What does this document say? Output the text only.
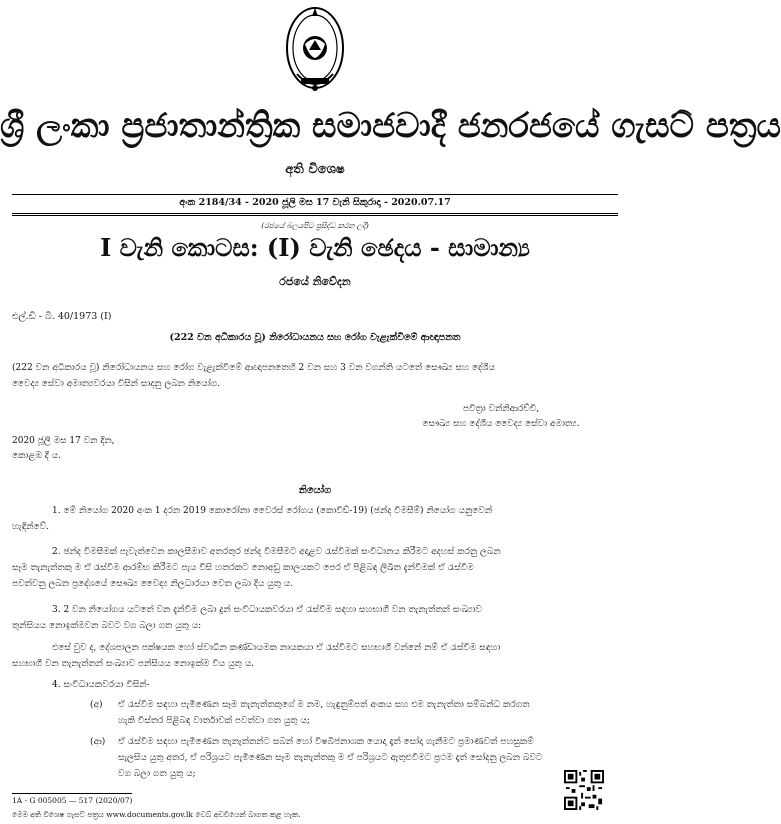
ශ්‍රී ලංකා ප්‍රජාතාන්ත්‍රික සමාජවාදී ජනරජයේ ගැසට් පත්‍රය
අති විශෙෂ
අංක 2184/34 - 2020 ජූලි මස 17 වැනි සිකුරාදා - 2020.07.17
(රජයේ බලයපිට ප්‍රසිද්ධ කරන ලදි)
I වැනි කොටස: (I) වැනි ඡෙදය - සාමාන්‍ය
රජයේ නිවේදන
එල්.ඩී - බී. 40/1973 (I)
(222 වන අධිකාරය වූ) නිරෝධායනය සහ රෝග වැළැක්වීමේ ආඥාපනත
(222 වන අධිකාරය වූ) නිරෝධායනය සහ රෝග වැළැක්වීමේ ආඥාපනතෙහි 2 වන සහ 3 වන වගන්ති යටතේ සෞඛ්‍ය සහ දේශීය
වෛද්‍ය සේවා අමාත්‍යවරයා විසින් සාදනු ලබන නියෝග.
පවිත්‍රා වන්නිආරච්චි,
සෞඛ්‍ය සහ දේශීය වෛද්‍ය සේවා අමාත්‍ය.
2020 ජූලි මස 17 වන දින,
කොළඹ දී ය.
නියෝග
1. මේ නියෝග 2020 අංක 1 දරන 2019 කොරෝනා වෛරස් රෝගය (කොවිඩ්-19) (ඡන්ද විමසීම්) නියෝග යනුවෙන්
හැඳින්වේ.
2. ඡන්ද විමසීමක් පැවැත්වෙන කාලසීමාව අතරතුර ඡන්ද විමසීමට අදාළව රැස්වීමක් සංවිධානය කිරීමට අදහස් කරනු ලබන
සෑම තැනැත්තකු ම ඒ රැස්වීම ආරම්භ කිරීමට පැය විසි හතරකට නොඅඩු කාලයකට පෙර ඒ පිළිබඳ ලිඛිත දැන්වීමක් ඒ රැස්වීම
පවත්වනු ලබන ප්‍රදේශයේ සෞඛ්‍ය වෛද්‍ය නිලධාරයා වෙත ලබා දිය යුතු ය.
3. 2 වන නියෝගය යටතේ වන දැන්වීම ලබා දුන් සංවිධායකවරයා ඒ රැස්වීම සඳහා සහභාගී වන තැනැත්තන් සංඛ්‍යාව
තුන්සියය නොඉක්මවන බවට වග බලා ගත යුතු ය:
එසේ වුව ද, දේශපාලන පක්ෂයක හෝ ස්වාධීන කණ්ඩායමක නායකයා ඒ රැස්වීමට සහභාගී වන්නේ නම් ඒ රැස්වීම සඳහා
සහභාගී වන තැනැත්තන් සංඛ්‍යාව පන්සියය නොඉක්ම විය යුතු ය.
4. සංවිධායකවරයා විසින්-
(අ)	ඒ රැස්වීම සඳහා පැමිණෙන සෑම තැනැත්තකුගේ ම නම, හැඳුනුම්පත් අංකය සහ එම තැනැත්තා සම්බන්ධ කරගත
හැකි විස්තර පිළිබඳ වාර්තාවක් පවත්වා ගත යුතු ය;
(ආ)	ඒ රැස්වීම සඳහා පැමිණෙන තැනැත්තන්ට සබන් හෝ විෂබීජනාශක යොදා දෑත් සෝදා ගැනීමට ප්‍රමාණවත් පහසුකම්
සැලසිය යුතු අතර, ඒ පරිශ්‍රයට පැමිණෙන සෑම තැනැත්තකු ම ඒ පරිශ්‍රයට ඇතුළුවීමට ප්‍රථම දෑත් සෝදනු ලබන බවට
වග බලා ගත යුතු ය;
1A - G 005005 — 517 (2020/07)
මෙම අති විශෙෂ ගැසට් පත්‍රය www.documents.gov.lk වෙබ් අඩවියෙන් බාගත කළ හැක.
